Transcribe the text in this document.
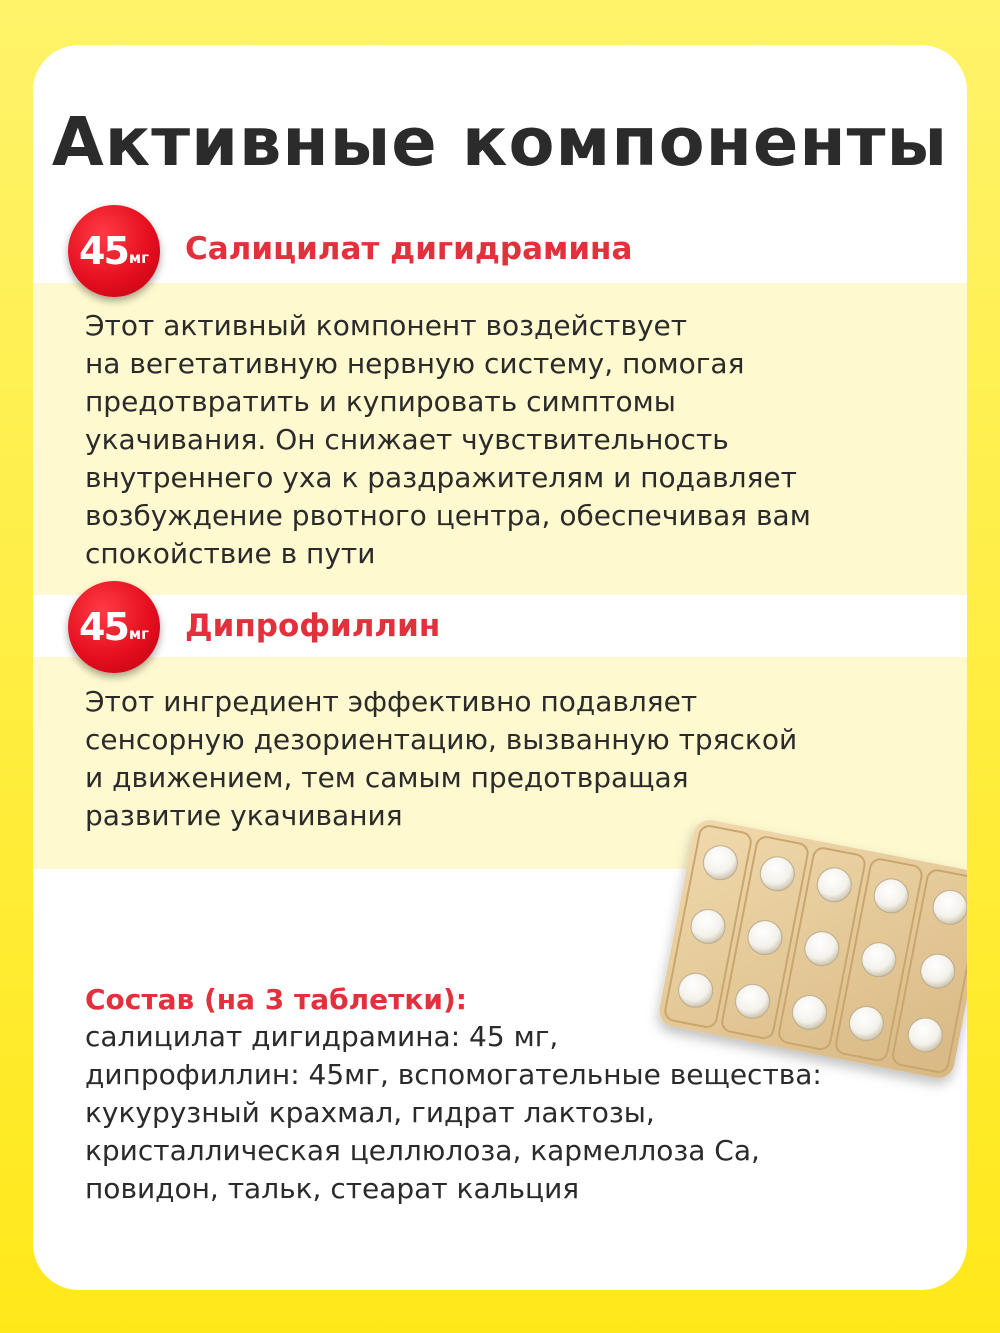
Активные компоненты
45 мг Салицилат дигидрамина

Этот активный компонент воздействует
на вегетативную нервную систему, помогая
предотвратить и купировать симптомы
укачивания. Он снижает чувствительность
внутреннего уха к раздражителям и подавляет
возбуждение рвотного центра, обеспечивая вам
спокойствие в пути

45 мг Дипрофиллин

Этот ингредиент эффективно подавляет
сенсорную дезориентацию, вызванную тряской
и движением, тем самым предотвращая
развитие укачивания

Состав (на 3 таблетки):

салицилат дигидрамина: 45 мг,
дипрофиллин: 45мг, вспомогательные вещества:
кукурузный крахмал, гидрат лактозы,
кристаллическая целлюлоза, кармеллоза Са,
повидон, тальк, стеарат кальция
